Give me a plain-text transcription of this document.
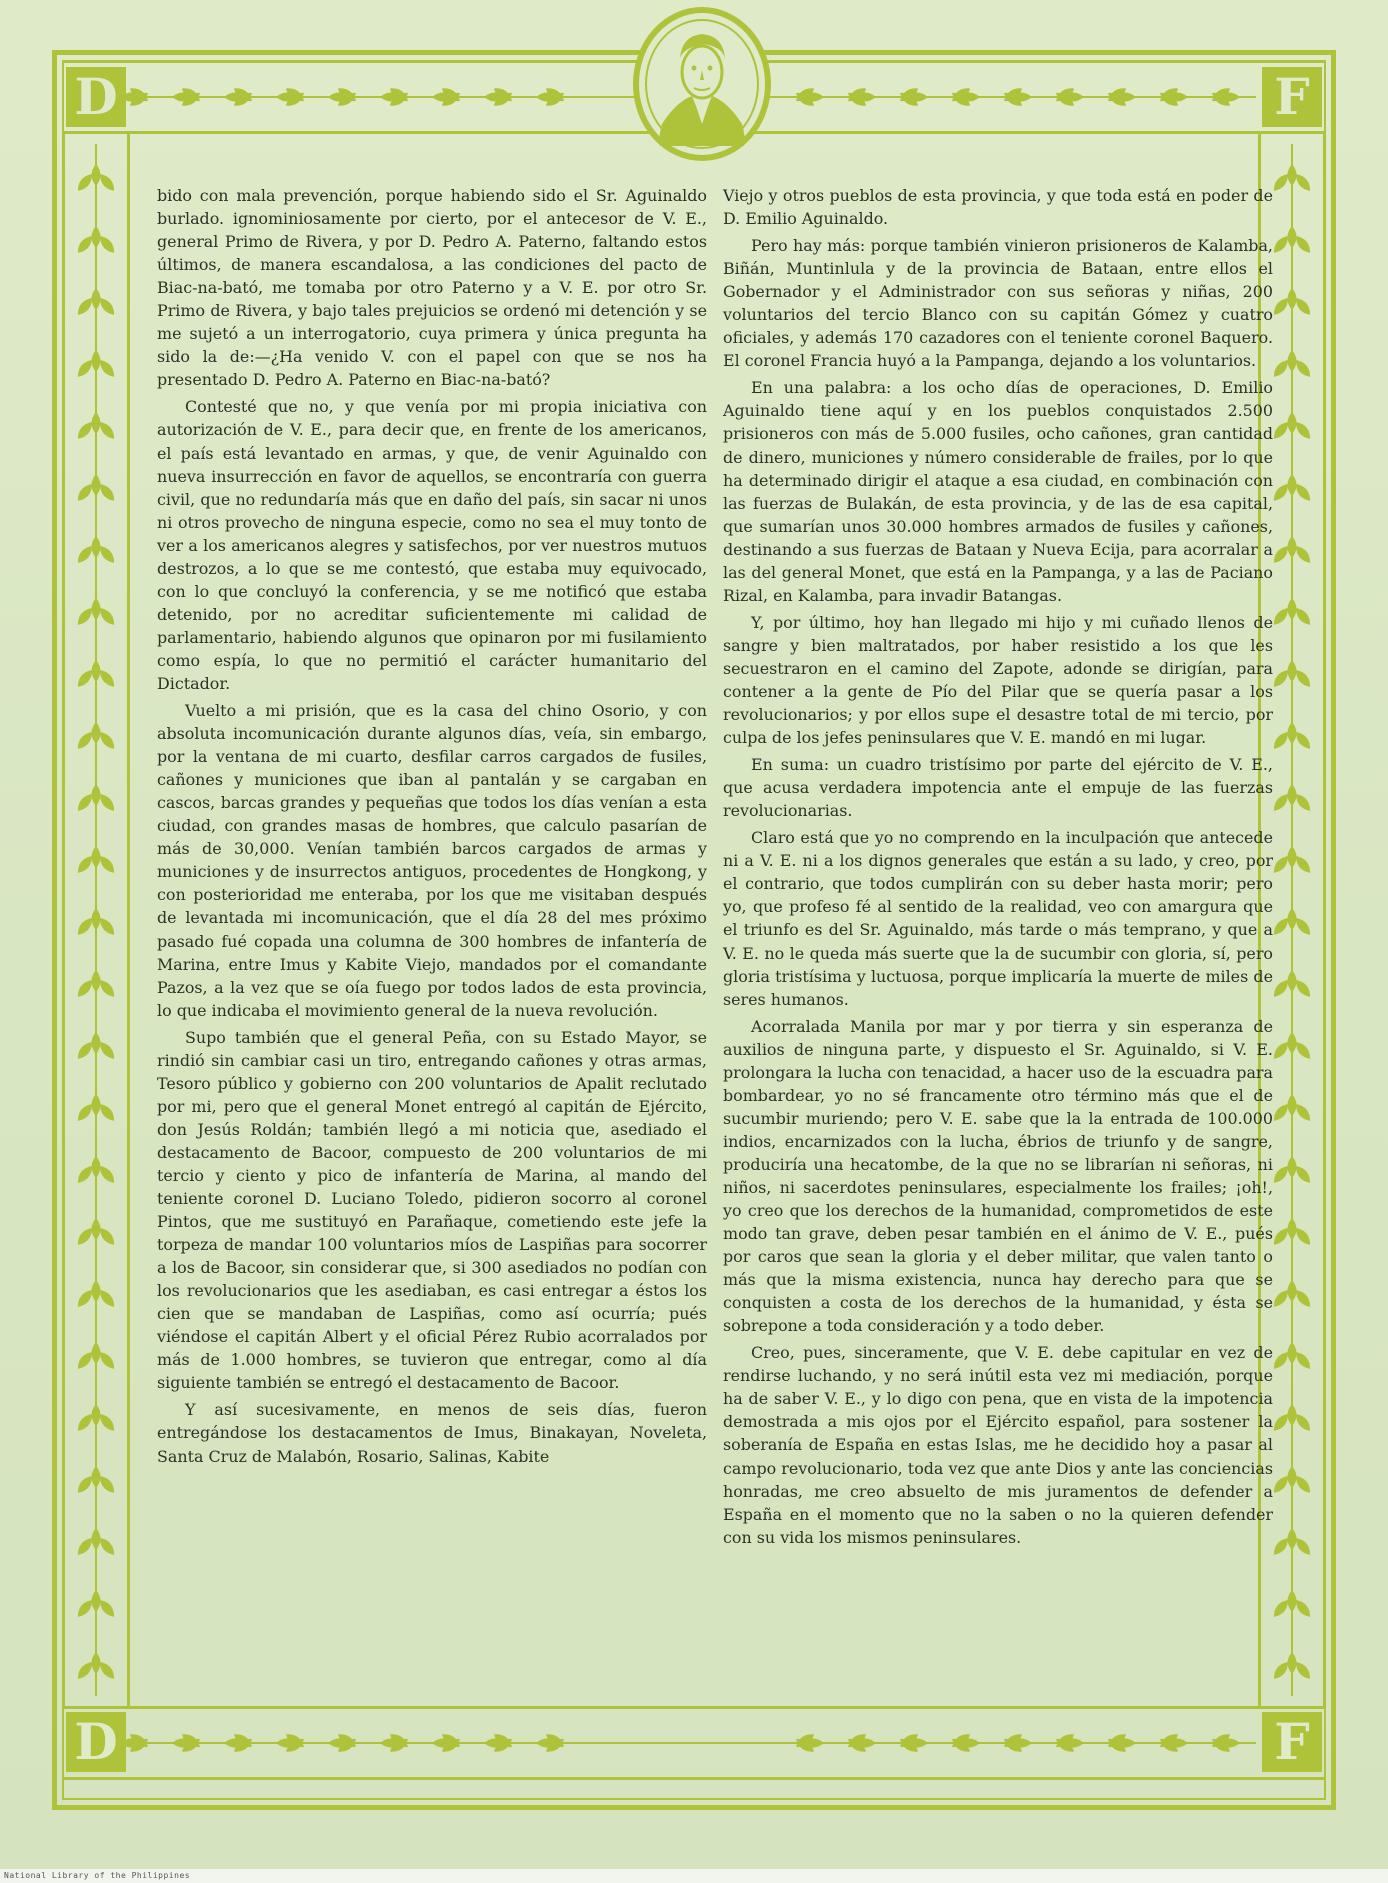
D	F
D	F

bido con mala prevención, porque habiendo sido el Sr. Aguinaldo burlado. ignominiosamente por cierto, por el antecesor de V. E., general Primo de Rivera, y por D. Pedro A. Paterno, faltando estos últimos, de manera escandalosa, a las condiciones del pacto de Biac-na-bató, me tomaba por otro Paterno y a V. E. por otro Sr. Primo de Rivera, y bajo tales prejuicios se ordenó mi detención y se me sujetó a un interrogatorio, cuya primera y única pregunta ha sido la de:—¿Ha venido V. con el papel con que se nos ha presentado D. Pedro A. Paterno en Biac-na-bató?

Contesté que no, y que venía por mi propia iniciativa con autorización de V. E., para decir que, en frente de los americanos, el país está levantado en armas, y que, de venir Aguinaldo con nueva insurrección en favor de aquellos, se encontraría con guerra civil, que no redundaría más que en daño del país, sin sacar ni unos ni otros provecho de ninguna especie, como no sea el muy tonto de ver a los americanos alegres y satisfechos, por ver nuestros mutuos destrozos, a lo que se me contestó, que estaba muy equivocado, con lo que concluyó la conferencia, y se me notificó que estaba detenido, por no acreditar suficientemente mi calidad de parlamentario, habiendo algunos que opinaron por mi fusilamiento como espía, lo que no permitió el carácter humanitario del Dictador.

Vuelto a mi prisión, que es la casa del chino Osorio, y con absoluta incomunicación durante algunos días, veía, sin embargo, por la ventana de mi cuarto, desfilar carros cargados de fusiles, cañones y municiones que iban al pantalán y se cargaban en cascos, barcas grandes y pequeñas que todos los días venían a esta ciudad, con grandes masas de hombres, que calculo pasarían de más de 30,000. Venían también barcos cargados de armas y municiones y de insurrectos antiguos, procedentes de Hongkong, y con posterioridad me enteraba, por los que me visitaban después de levantada mi incomunicación, que el día 28 del mes próximo pasado fué copada una columna de 300 hombres de infantería de Marina, entre Imus y Kabite Viejo, mandados por el comandante Pazos, a la vez que se oía fuego por todos lados de esta provincia, lo que indicaba el movimiento general de la nueva revolución.

Supo también que el general Peña, con su Estado Mayor, se rindió sin cambiar casi un tiro, entregando cañones y otras armas, Tesoro público y gobierno con 200 voluntarios de Apalit reclutado por mi, pero que el general Monet entregó al capitán de Ejército, don Jesús Roldán; también llegó a mi noticia que, asediado el destacamento de Bacoor, compuesto de 200 voluntarios de mi tercio y ciento y pico de infantería de Marina, al mando del teniente coronel D. Luciano Toledo, pidieron socorro al coronel Pintos, que me sustituyó en Parañaque, cometiendo este jefe la torpeza de mandar 100 voluntarios míos de Laspiñas para socorrer a los de Bacoor, sin considerar que, si 300 asediados no podían con los revolucionarios que les asediaban, es casi entregar a éstos los cien que se mandaban de Laspiñas, como así ocurría; pués viéndose el capitán Albert y el oficial Pérez Rubio acorralados por más de 1.000 hombres, se tuvieron que entregar, como al día siguiente también se entregó el destacamento de Bacoor.

Y así sucesivamente, en menos de seis días, fueron entregándose los destacamentos de Imus, Binakayan, Noveleta, Santa Cruz de Malabón, Rosario, Salinas, Kabite

Viejo y otros pueblos de esta provincia, y que toda está en poder de D. Emilio Aguinaldo.

Pero hay más: porque también vinieron prisioneros de Kalamba, Biñán, Muntinlula y de la provincia de Bataan, entre ellos el Gobernador y el Administrador con sus señoras y niñas, 200 voluntarios del tercio Blanco con su capitán Gómez y cuatro oficiales, y además 170 cazadores con el teniente coronel Baquero. El coronel Francia huyó a la Pampanga, dejando a los voluntarios.

En una palabra: a los ocho días de operaciones, D. Emilio Aguinaldo tiene aquí y en los pueblos conquistados 2.500 prisioneros con más de 5.000 fusiles, ocho cañones, gran cantidad de dinero, municiones y número considerable de frailes, por lo que ha determinado dirigir el ataque a esa ciudad, en combinación con las fuerzas de Bulakán, de esta provincia, y de las de esa capital, que sumarían unos 30.000 hombres armados de fusiles y cañones, destinando a sus fuerzas de Bataan y Nueva Ecija, para acorralar a las del general Monet, que está en la Pampanga, y a las de Paciano Rizal, en Kalamba, para invadir Batangas.

Y, por último, hoy han llegado mi hijo y mi cuñado llenos de sangre y bien maltratados, por haber resistido a los que les secuestraron en el camino del Zapote, adonde se dirigían, para contener a la gente de Pío del Pilar que se quería pasar a los revolucionarios; y por ellos supe el desastre total de mi tercio, por culpa de los jefes peninsulares que V. E. mandó en mi lugar.

En suma: un cuadro tristísimo por parte del ejército de V. E., que acusa verdadera impotencia ante el empuje de las fuerzas revolucionarias.

Claro está que yo no comprendo en la inculpación que antecede ni a V. E. ni a los dignos generales que están a su lado, y creo, por el contrario, que todos cumplirán con su deber hasta morir; pero yo, que profeso fé al sentido de la realidad, veo con amargura que el triunfo es del Sr. Aguinaldo, más tarde o más temprano, y que a V. E. no le queda más suerte que la de sucumbir con gloria, sí, pero gloria tristísima y luctuosa, porque implicaría la muerte de miles de seres humanos.

Acorralada Manila por mar y por tierra y sin esperanza de auxilios de ninguna parte, y dispuesto el Sr. Aguinaldo, si V. E. prolongara la lucha con tenacidad, a hacer uso de la escuadra para bombardear, yo no sé francamente otro término más que el de sucumbir muriendo; pero V. E. sabe que la la entrada de 100.000 indios, encarnizados con la lucha, ébrios de triunfo y de sangre, produciría una hecatombe, de la que no se librarían ni señoras, ni niños, ni sacerdotes peninsulares, especialmente los frailes; ¡oh!, yo creo que los derechos de la humanidad, comprometidos de este modo tan grave, deben pesar también en el ánimo de V. E., pués por caros que sean la gloria y el deber militar, que valen tanto o más que la misma existencia, nunca hay derecho para que se conquisten a costa de los derechos de la humanidad, y ésta se sobrepone a toda consideración y a todo deber.

Creo, pues, sinceramente, que V. E. debe capitular en vez de rendirse luchando, y no será inútil esta vez mi mediación, porque ha de saber V. E., y lo digo con pena, que en vista de la impotencia demostrada a mis ojos por el Ejército español, para sostener la soberanía de España en estas Islas, me he decidido hoy a pasar al campo revolucionario, toda vez que ante Dios y ante las conciencias honradas, me creo absuelto de mis juramentos de defender a España en el momento que no la saben o no la quieren defender con su vida los mismos peninsulares.

National Library of the Philippines
